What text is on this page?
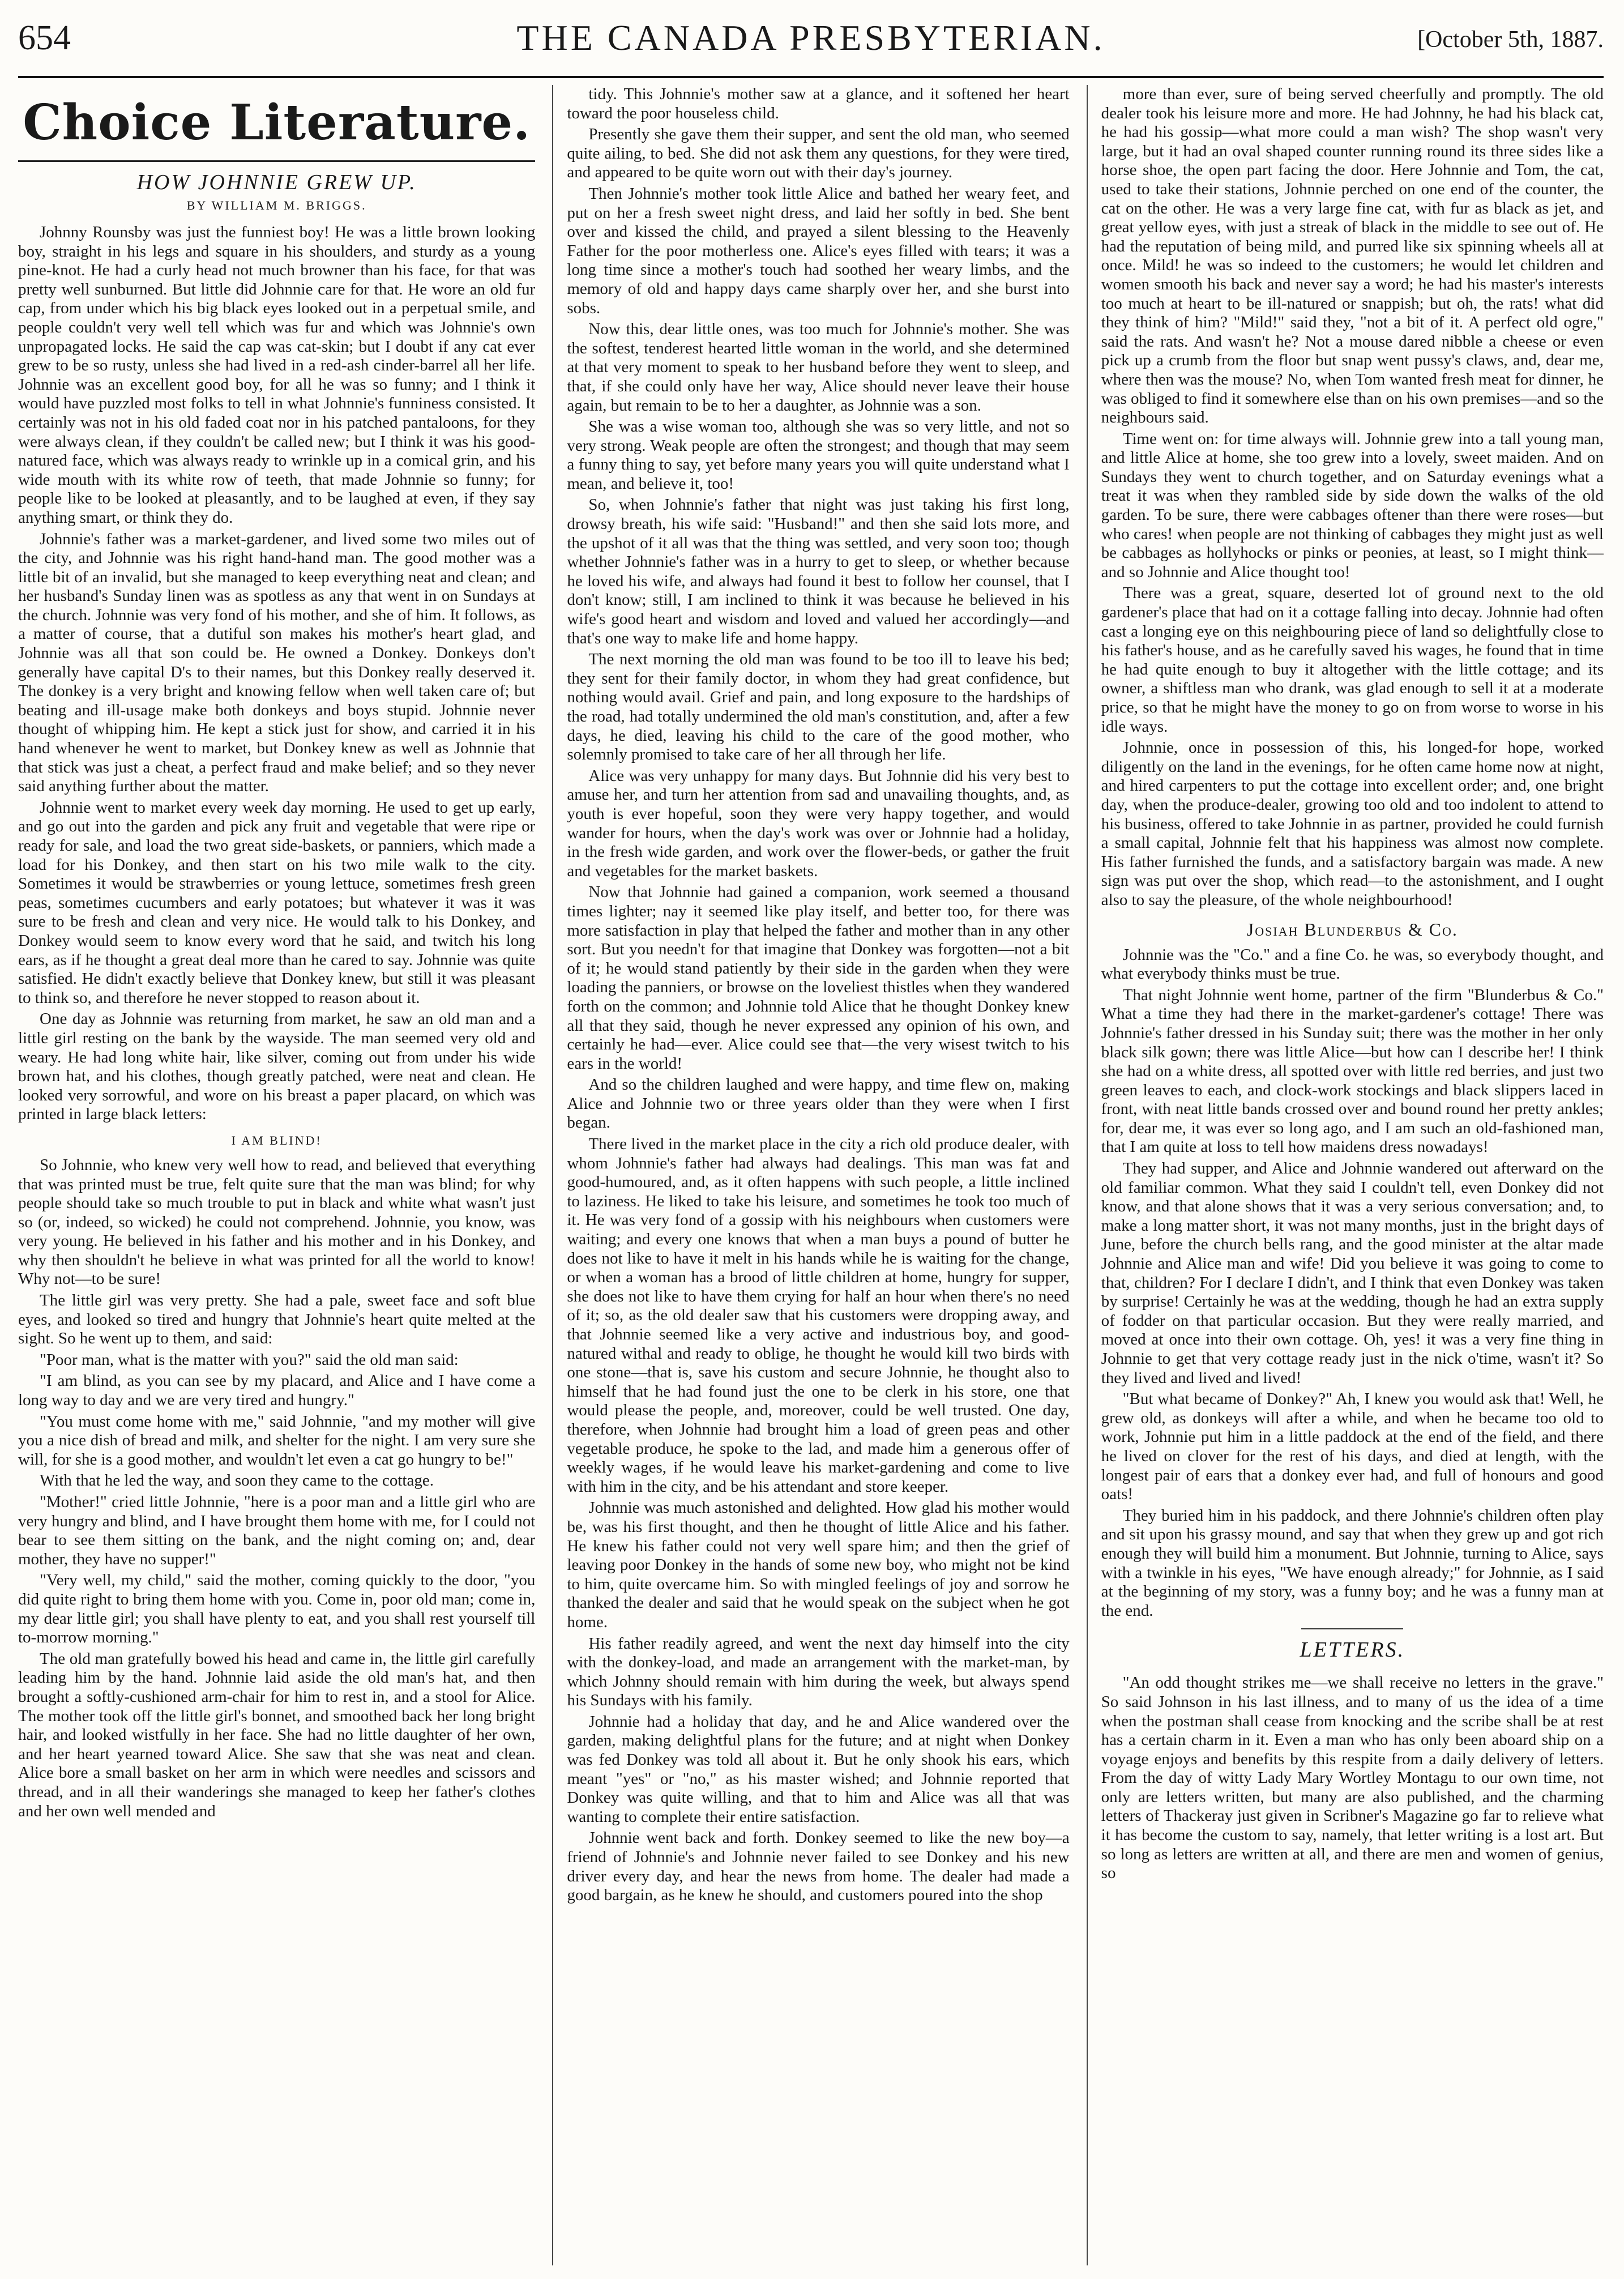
654	THE CANADA PRESBYTERIAN.	[October 5th, 1887.
Choice Literature.
HOW JOHNNIE GREW UP.
BY WILLIAM M. BRIGGS.

Johnny Rounsby was just the funniest boy! He was a little brown looking boy, straight in his legs and square in his shoulders, and sturdy as a young pine-knot. He had a curly head not much browner than his face, for that was pretty well sunburned. But little did Johnnie care for that. He wore an old fur cap, from under which his big black eyes looked out in a perpetual smile, and people couldn't very well tell which was fur and which was Johnnie's own unpropagated locks. He said the cap was cat-skin; but I doubt if any cat ever grew to be so rusty, unless she had lived in a red-ash cinder-barrel all her life. Johnnie was an excellent good boy, for all he was so funny; and I think it would have puzzled most folks to tell in what Johnnie's funniness consisted. It certainly was not in his old faded coat nor in his patched pantaloons, for they were always clean, if they couldn't be called new; but I think it was his good-natured face, which was always ready to wrinkle up in a comical grin, and his wide mouth with its white row of teeth, that made Johnnie so funny; for people like to be looked at pleasantly, and to be laughed at even, if they say anything smart, or think they do.

Johnnie's father was a market-gardener, and lived some two miles out of the city, and Johnnie was his right hand-hand man. The good mother was a little bit of an invalid, but she managed to keep everything neat and clean; and her husband's Sunday linen was as spotless as any that went in on Sundays at the church. Johnnie was very fond of his mother, and she of him. It follows, as a matter of course, that a dutiful son makes his mother's heart glad, and Johnnie was all that son could be. He owned a Donkey. Donkeys don't generally have capital D's to their names, but this Donkey really deserved it. The donkey is a very bright and knowing fellow when well taken care of; but beating and ill-usage make both donkeys and boys stupid. Johnnie never thought of whipping him. He kept a stick just for show, and carried it in his hand whenever he went to market, but Donkey knew as well as Johnnie that that stick was just a cheat, a perfect fraud and make belief; and so they never said anything further about the matter.

Johnnie went to market every week day morning. He used to get up early, and go out into the garden and pick any fruit and vegetable that were ripe or ready for sale, and load the two great side-baskets, or panniers, which made a load for his Donkey, and then start on his two mile walk to the city. Sometimes it would be strawberries or young lettuce, sometimes fresh green peas, sometimes cucumbers and early potatoes; but whatever it was it was sure to be fresh and clean and very nice. He would talk to his Donkey, and Donkey would seem to know every word that he said, and twitch his long ears, as if he thought a great deal more than he cared to say. Johnnie was quite satisfied. He didn't exactly believe that Donkey knew, but still it was pleasant to think so, and therefore he never stopped to reason about it.

One day as Johnnie was returning from market, he saw an old man and a little girl resting on the bank by the wayside. The man seemed very old and weary. He had long white hair, like silver, coming out from under his wide brown hat, and his clothes, though greatly patched, were neat and clean. He looked very sorrowful, and wore on his breast a paper placard, on which was printed in large black letters:

I AM BLIND!

So Johnnie, who knew very well how to read, and believed that everything that was printed must be true, felt quite sure that the man was blind; for why people should take so much trouble to put in black and white what wasn't just so (or, indeed, so wicked) he could not comprehend. Johnnie, you know, was very young. He believed in his father and his mother and in his Donkey, and why then shouldn't he believe in what was printed for all the world to know! Why not—to be sure!

The little girl was very pretty. She had a pale, sweet face and soft blue eyes, and looked so tired and hungry that Johnnie's heart quite melted at the sight. So he went up to them, and said:

"Poor man, what is the matter with you?" said the old man said:

"I am blind, as you can see by my placard, and Alice and I have come a long way to day and we are very tired and hungry."

"You must come home with me," said Johnnie, "and my mother will give you a nice dish of bread and milk, and shelter for the night. I am very sure she will, for she is a good mother, and wouldn't let even a cat go hungry to be!"

With that he led the way, and soon they came to the cottage.

"Mother!" cried little Johnnie, "here is a poor man and a little girl who are very hungry and blind, and I have brought them home with me, for I could not bear to see them sitting on the bank, and the night coming on; and, dear mother, they have no supper!"

"Very well, my child," said the mother, coming quickly to the door, "you did quite right to bring them home with you. Come in, poor old man; come in, my dear little girl; you shall have plenty to eat, and you shall rest yourself till to-morrow morning."

The old man gratefully bowed his head and came in, the little girl carefully leading him by the hand. Johnnie laid aside the old man's hat, and then brought a softly-cushioned arm-chair for him to rest in, and a stool for Alice. The mother took off the little girl's bonnet, and smoothed back her long bright hair, and looked wistfully in her face. She had no little daughter of her own, and her heart yearned toward Alice. She saw that she was neat and clean. Alice bore a small basket on her arm in which were needles and scissors and thread, and in all their wanderings she managed to keep her father's clothes and her own well mended and

tidy. This Johnnie's mother saw at a glance, and it softened her heart toward the poor houseless child.

Presently she gave them their supper, and sent the old man, who seemed quite ailing, to bed. She did not ask them any questions, for they were tired, and appeared to be quite worn out with their day's journey.

Then Johnnie's mother took little Alice and bathed her weary feet, and put on her a fresh sweet night dress, and laid her softly in bed. She bent over and kissed the child, and prayed a silent blessing to the Heavenly Father for the poor motherless one. Alice's eyes filled with tears; it was a long time since a mother's touch had soothed her weary limbs, and the memory of old and happy days came sharply over her, and she burst into sobs.

Now this, dear little ones, was too much for Johnnie's mother. She was the softest, tenderest hearted little woman in the world, and she determined at that very moment to speak to her husband before they went to sleep, and that, if she could only have her way, Alice should never leave their house again, but remain to be to her a daughter, as Johnnie was a son.

She was a wise woman too, although she was so very little, and not so very strong. Weak people are often the strongest; and though that may seem a funny thing to say, yet before many years you will quite understand what I mean, and believe it, too!

So, when Johnnie's father that night was just taking his first long, drowsy breath, his wife said: "Husband!" and then she said lots more, and the upshot of it all was that the thing was settled, and very soon too; though whether Johnnie's father was in a hurry to get to sleep, or whether because he loved his wife, and always had found it best to follow her counsel, that I don't know; still, I am inclined to think it was because he believed in his wife's good heart and wisdom and loved and valued her accordingly—and that's one way to make life and home happy.

The next morning the old man was found to be too ill to leave his bed; they sent for their family doctor, in whom they had great confidence, but nothing would avail. Grief and pain, and long exposure to the hardships of the road, had totally undermined the old man's constitution, and, after a few days, he died, leaving his child to the care of the good mother, who solemnly promised to take care of her all through her life.

Alice was very unhappy for many days. But Johnnie did his very best to amuse her, and turn her attention from sad and unavailing thoughts, and, as youth is ever hopeful, soon they were very happy together, and would wander for hours, when the day's work was over or Johnnie had a holiday, in the fresh wide garden, and work over the flower-beds, or gather the fruit and vegetables for the market baskets.

Now that Johnnie had gained a companion, work seemed a thousand times lighter; nay it seemed like play itself, and better too, for there was more satisfaction in play that helped the father and mother than in any other sort. But you needn't for that imagine that Donkey was forgotten—not a bit of it; he would stand patiently by their side in the garden when they were loading the panniers, or browse on the loveliest thistles when they wandered forth on the common; and Johnnie told Alice that he thought Donkey knew all that they said, though he never expressed any opinion of his own, and certainly he had—ever. Alice could see that—the very wisest twitch to his ears in the world!

And so the children laughed and were happy, and time flew on, making Alice and Johnnie two or three years older than they were when I first began.

There lived in the market place in the city a rich old produce dealer, with whom Johnnie's father had always had dealings. This man was fat and good-humoured, and, as it often happens with such people, a little inclined to laziness. He liked to take his leisure, and sometimes he took too much of it. He was very fond of a gossip with his neighbours when customers were waiting; and every one knows that when a man buys a pound of butter he does not like to have it melt in his hands while he is waiting for the change, or when a woman has a brood of little children at home, hungry for supper, she does not like to have them crying for half an hour when there's no need of it; so, as the old dealer saw that his customers were dropping away, and that Johnnie seemed like a very active and industrious boy, and good-natured withal and ready to oblige, he thought he would kill two birds with one stone—that is, save his custom and secure Johnnie, he thought also to himself that he had found just the one to be clerk in his store, one that would please the people, and, moreover, could be well trusted. One day, therefore, when Johnnie had brought him a load of green peas and other vegetable produce, he spoke to the lad, and made him a generous offer of weekly wages, if he would leave his market-gardening and come to live with him in the city, and be his attendant and store keeper.

Johnnie was much astonished and delighted. How glad his mother would be, was his first thought, and then he thought of little Alice and his father. He knew his father could not very well spare him; and then the grief of leaving poor Donkey in the hands of some new boy, who might not be kind to him, quite overcame him. So with mingled feelings of joy and sorrow he thanked the dealer and said that he would speak on the subject when he got home.

His father readily agreed, and went the next day himself into the city with the donkey-load, and made an arrangement with the market-man, by which Johnny should remain with him during the week, but always spend his Sundays with his family.

Johnnie had a holiday that day, and he and Alice wandered over the garden, making delightful plans for the future; and at night when Donkey was fed Donkey was told all about it. But he only shook his ears, which meant "yes" or "no," as his master wished; and Johnnie reported that Donkey was quite willing, and that to him and Alice was all that was wanting to complete their entire satisfaction.

Johnnie went back and forth. Donkey seemed to like the new boy—a friend of Johnnie's and Johnnie never failed to see Donkey and his new driver every day, and hear the news from home. The dealer had made a good bargain, as he knew he should, and customers poured into the shop

more than ever, sure of being served cheerfully and promptly. The old dealer took his leisure more and more. He had Johnny, he had his black cat, he had his gossip—what more could a man wish? The shop wasn't very large, but it had an oval shaped counter running round its three sides like a horse shoe, the open part facing the door. Here Johnnie and Tom, the cat, used to take their stations, Johnnie perched on one end of the counter, the cat on the other. He was a very large fine cat, with fur as black as jet, and great yellow eyes, with just a streak of black in the middle to see out of. He had the reputation of being mild, and purred like six spinning wheels all at once. Mild! he was so indeed to the customers; he would let children and women smooth his back and never say a word; he had his master's interests too much at heart to be ill-natured or snappish; but oh, the rats! what did they think of him? "Mild!" said they, "not a bit of it. A perfect old ogre," said the rats. And wasn't he? Not a mouse dared nibble a cheese or even pick up a crumb from the floor but snap went pussy's claws, and, dear me, where then was the mouse? No, when Tom wanted fresh meat for dinner, he was obliged to find it somewhere else than on his own premises—and so the neighbours said.

Time went on: for time always will. Johnnie grew into a tall young man, and little Alice at home, she too grew into a lovely, sweet maiden. And on Sundays they went to church together, and on Saturday evenings what a treat it was when they rambled side by side down the walks of the old garden. To be sure, there were cabbages oftener than there were roses—but who cares! when people are not thinking of cabbages they might just as well be cabbages as hollyhocks or pinks or peonies, at least, so I might think—and so Johnnie and Alice thought too!

There was a great, square, deserted lot of ground next to the old gardener's place that had on it a cottage falling into decay. Johnnie had often cast a longing eye on this neighbouring piece of land so delightfully close to his father's house, and as he carefully saved his wages, he found that in time he had quite enough to buy it altogether with the little cottage; and its owner, a shiftless man who drank, was glad enough to sell it at a moderate price, so that he might have the money to go on from worse to worse in his idle ways.

Johnnie, once in possession of this, his longed-for hope, worked diligently on the land in the evenings, for he often came home now at night, and hired carpenters to put the cottage into excellent order; and, one bright day, when the produce-dealer, growing too old and too indolent to attend to his business, offered to take Johnnie in as partner, provided he could furnish a small capital, Johnnie felt that his happiness was almost now complete. His father furnished the funds, and a satisfactory bargain was made. A new sign was put over the shop, which read—to the astonishment, and I ought also to say the pleasure, of the whole neighbourhood!

Josiah Blunderbus & Co.

Johnnie was the "Co." and a fine Co. he was, so everybody thought, and what everybody thinks must be true.

That night Johnnie went home, partner of the firm "Blunderbus & Co." What a time they had there in the market-gardener's cottage! There was Johnnie's father dressed in his Sunday suit; there was the mother in her only black silk gown; there was little Alice—but how can I describe her! I think she had on a white dress, all spotted over with little red berries, and just two green leaves to each, and clock-work stockings and black slippers laced in front, with neat little bands crossed over and bound round her pretty ankles; for, dear me, it was ever so long ago, and I am such an old-fashioned man, that I am quite at loss to tell how maidens dress nowadays!

They had supper, and Alice and Johnnie wandered out afterward on the old familiar common. What they said I couldn't tell, even Donkey did not know, and that alone shows that it was a very serious conversation; and, to make a long matter short, it was not many months, just in the bright days of June, before the church bells rang, and the good minister at the altar made Johnnie and Alice man and wife! Did you believe it was going to come to that, children? For I declare I didn't, and I think that even Donkey was taken by surprise! Certainly he was at the wedding, though he had an extra supply of fodder on that particular occasion. But they were really married, and moved at once into their own cottage. Oh, yes! it was a very fine thing in Johnnie to get that very cottage ready just in the nick o'time, wasn't it? So they lived and lived and lived!

"But what became of Donkey?" Ah, I knew you would ask that! Well, he grew old, as donkeys will after a while, and when he became too old to work, Johnnie put him in a little paddock at the end of the field, and there he lived on clover for the rest of his days, and died at length, with the longest pair of ears that a donkey ever had, and full of honours and good oats!

They buried him in his paddock, and there Johnnie's children often play and sit upon his grassy mound, and say that when they grew up and got rich enough they will build him a monument. But Johnnie, turning to Alice, says with a twinkle in his eyes, "We have enough already;" for Johnnie, as I said at the beginning of my story, was a funny boy; and he was a funny man at the end.

LETTERS.

"An odd thought strikes me—we shall receive no letters in the grave." So said Johnson in his last illness, and to many of us the idea of a time when the postman shall cease from knocking and the scribe shall be at rest has a certain charm in it. Even a man who has only been aboard ship on a voyage enjoys and benefits by this respite from a daily delivery of letters. From the day of witty Lady Mary Wortley Montagu to our own time, not only are letters written, but many are also published, and the charming letters of Thackeray just given in Scribner's Magazine go far to relieve what it has become the custom to say, namely, that letter writing is a lost art. But so long as letters are written at all, and there are men and women of genius, so
